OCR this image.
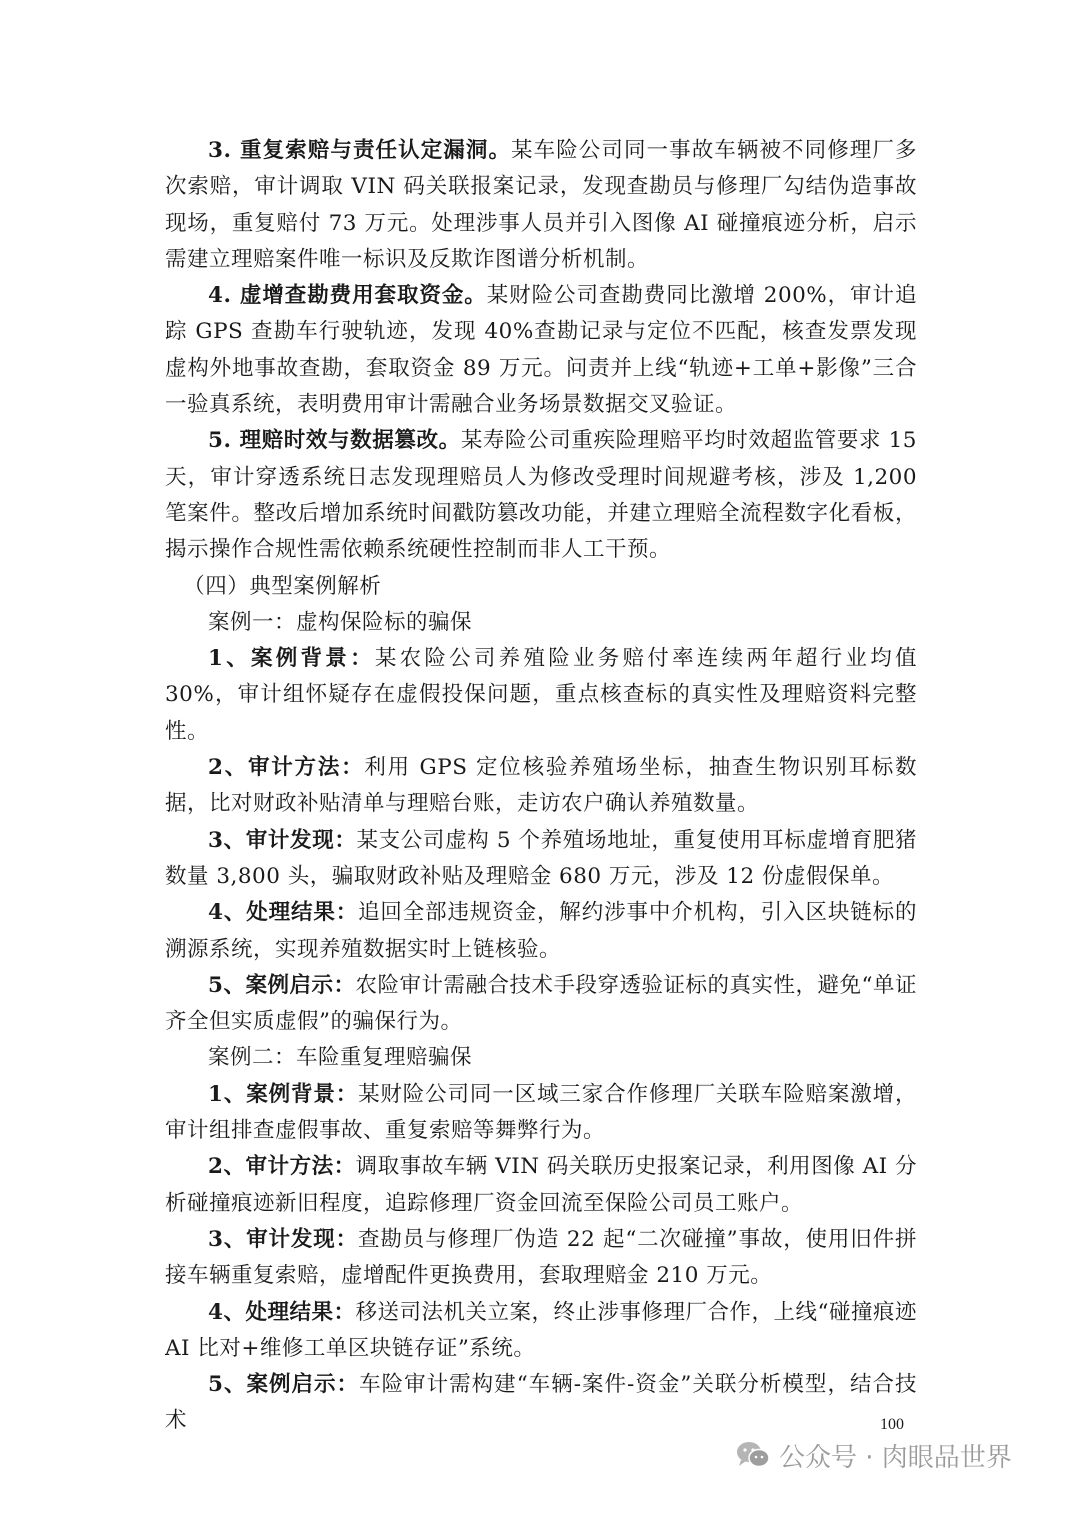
3. 重复索赔与责任认定漏洞。某车险公司同一事故车辆被不同修理厂多次索赔，审计调取 VIN 码关联报案记录，发现查勘员与修理厂勾结伪造事故现场，重复赔付 73 万元。处理涉事人员并引入图像 AI 碰撞痕迹分析，启示需建立理赔案件唯一标识及反欺诈图谱分析机制。

4. 虚增查勘费用套取资金。某财险公司查勘费同比激增 200%，审计追踪 GPS 查勘车行驶轨迹，发现 40%查勘记录与定位不匹配，核查发票发现虚构外地事故查勘，套取资金 89 万元。问责并上线“轨迹+工单+影像”三合一验真系统，表明费用审计需融合业务场景数据交叉验证。

5. 理赔时效与数据篡改。某寿险公司重疾险理赔平均时效超监管要求 15 天，审计穿透系统日志发现理赔员人为修改受理时间规避考核，涉及 1,200 笔案件。整改后增加系统时间戳防篡改功能，并建立理赔全流程数字化看板，揭示操作合规性需依赖系统硬性控制而非人工干预。

（四）典型案例解析

案例一：虚构保险标的骗保

1、案例背景：某农险公司养殖险业务赔付率连续两年超行业均值 30%，审计组怀疑存在虚假投保问题，重点核查标的真实性及理赔资料完整性。

2、审计方法：利用 GPS 定位核验养殖场坐标，抽查生物识别耳标数据，比对财政补贴清单与理赔台账，走访农户确认养殖数量。

3、审计发现：某支公司虚构 5 个养殖场地址，重复使用耳标虚增育肥猪数量 3,800 头，骗取财政补贴及理赔金 680 万元，涉及 12 份虚假保单。

4、处理结果：追回全部违规资金，解约涉事中介机构，引入区块链标的溯源系统，实现养殖数据实时上链核验。

5、案例启示：农险审计需融合技术手段穿透验证标的真实性，避免“单证齐全但实质虚假”的骗保行为。

案例二：车险重复理赔骗保

1、案例背景：某财险公司同一区域三家合作修理厂关联车险赔案激增，审计组排查虚假事故、重复索赔等舞弊行为。

2、审计方法：调取事故车辆 VIN 码关联历史报案记录，利用图像 AI 分析碰撞痕迹新旧程度，追踪修理厂资金回流至保险公司员工账户。

3、审计发现：查勘员与修理厂伪造 22 起“二次碰撞”事故，使用旧件拼接车辆重复索赔，虚增配件更换费用，套取理赔金 210 万元。

4、处理结果：移送司法机关立案，终止涉事修理厂合作，上线“碰撞痕迹AI 比对+维修工单区块链存证”系统。

5、案例启示：车险审计需构建“车辆-案件-资金”关联分析模型，结合技术	100
公众号 · 肉眼品世界
